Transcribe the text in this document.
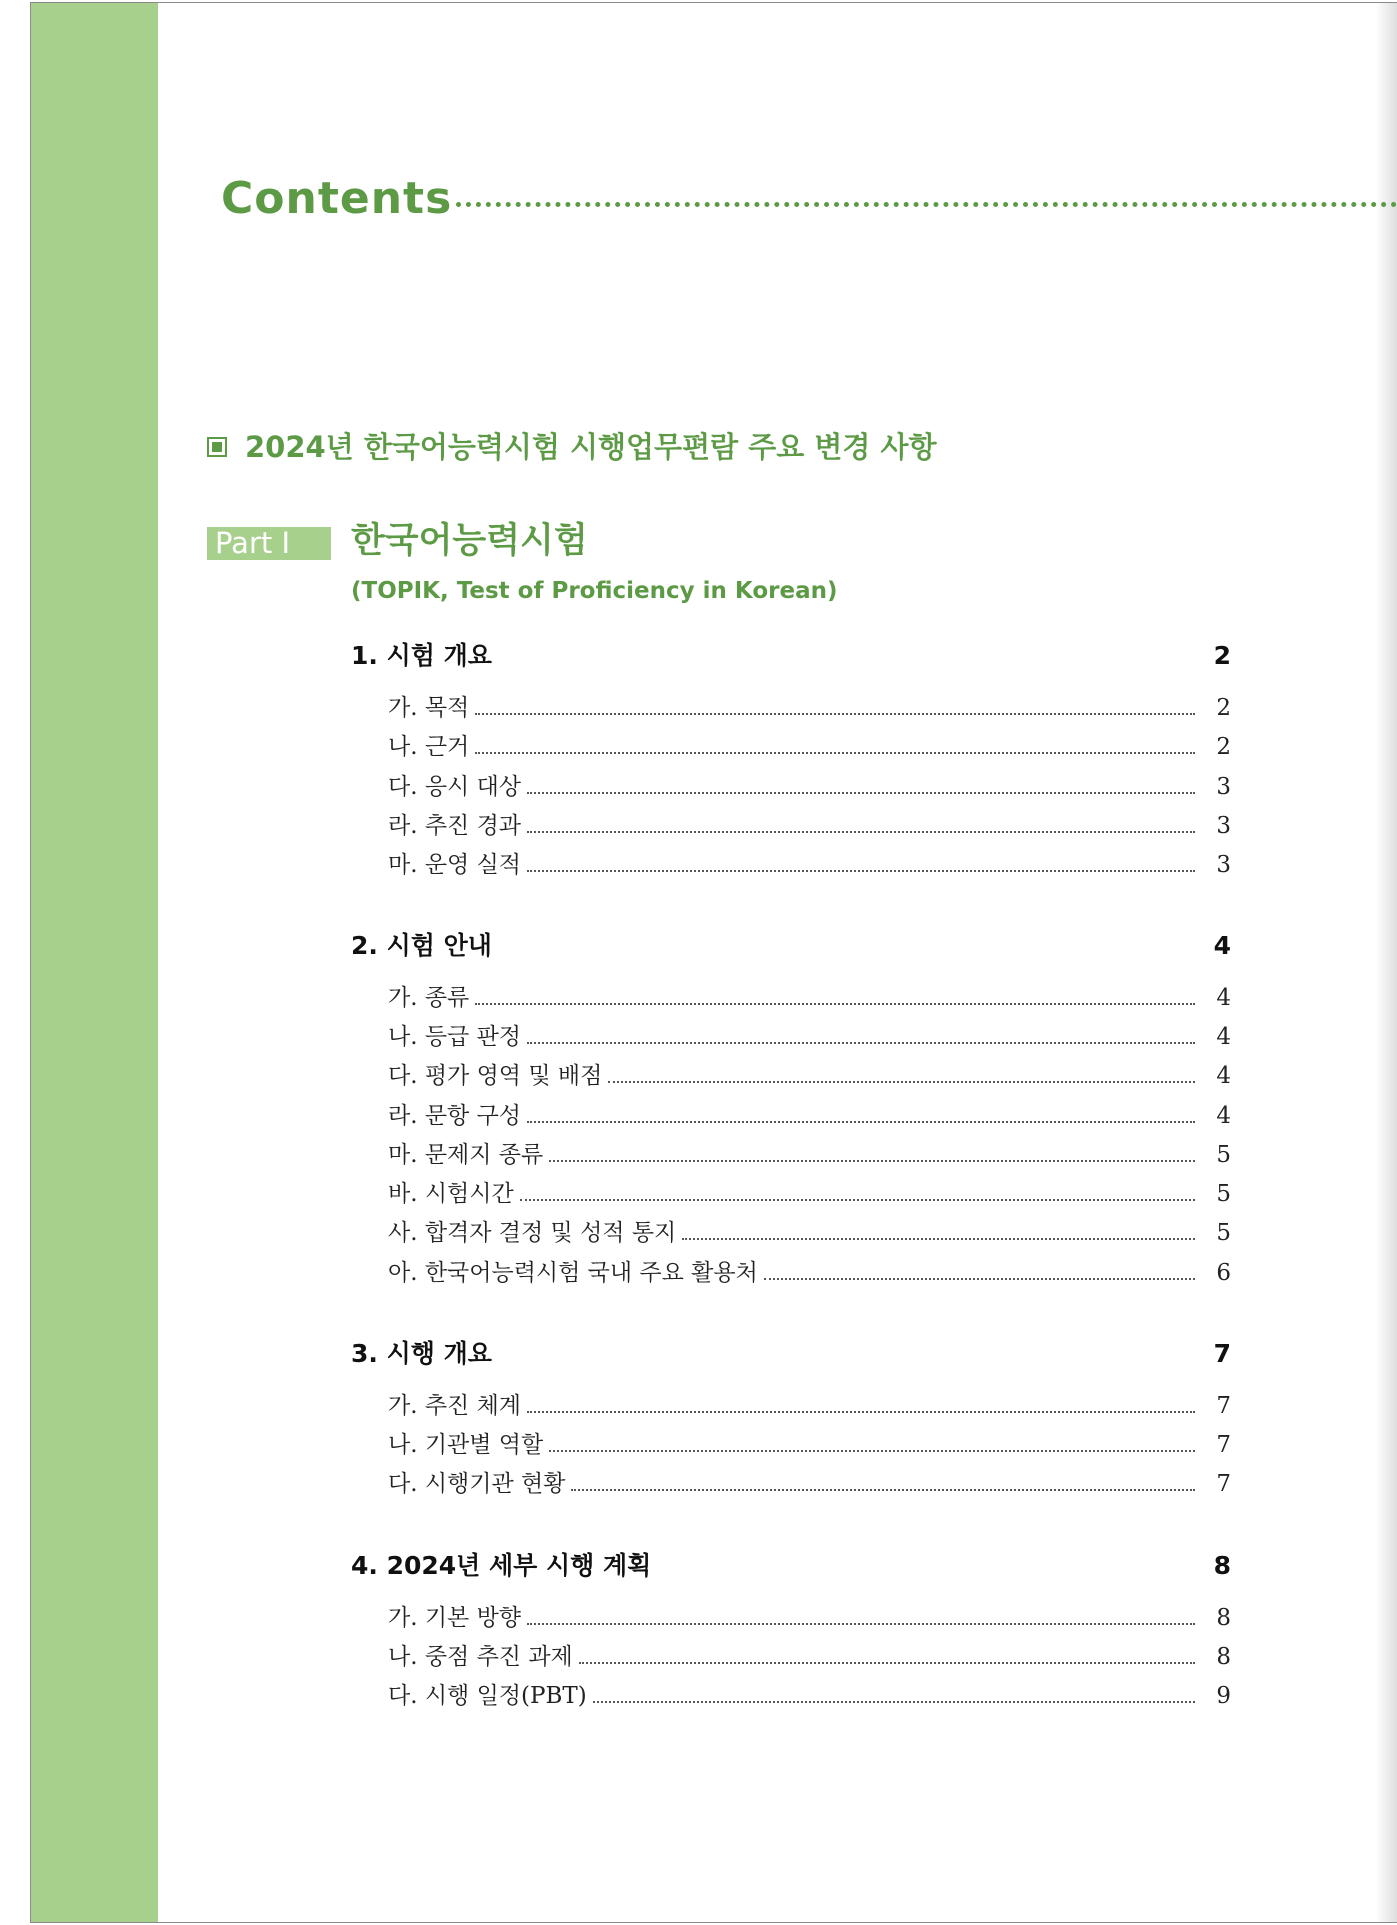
Contents
2024년 한국어능력시험 시행업무편람 주요 변경 사항
Part Ⅰ	한국어능력시험
(TOPIK, Test of Proficiency in Korean)
1. 시험 개요	2
가. 목적	2
나. 근거	2
다. 응시 대상	3
라. 추진 경과	3
마. 운영 실적	3
2. 시험 안내	4
가. 종류	4
나. 등급 판정	4
다. 평가 영역 및 배점	4
라. 문항 구성	4
마. 문제지 종류	5
바. 시험시간	5
사. 합격자 결정 및 성적 통지	5
아. 한국어능력시험 국내 주요 활용처	6
3. 시행 개요	7
가. 추진 체계	7
나. 기관별 역할	7
다. 시행기관 현황	7
4. 2024년 세부 시행 계획	8
가. 기본 방향	8
나. 중점 추진 과제	8
다. 시행 일정(PBT)	9
